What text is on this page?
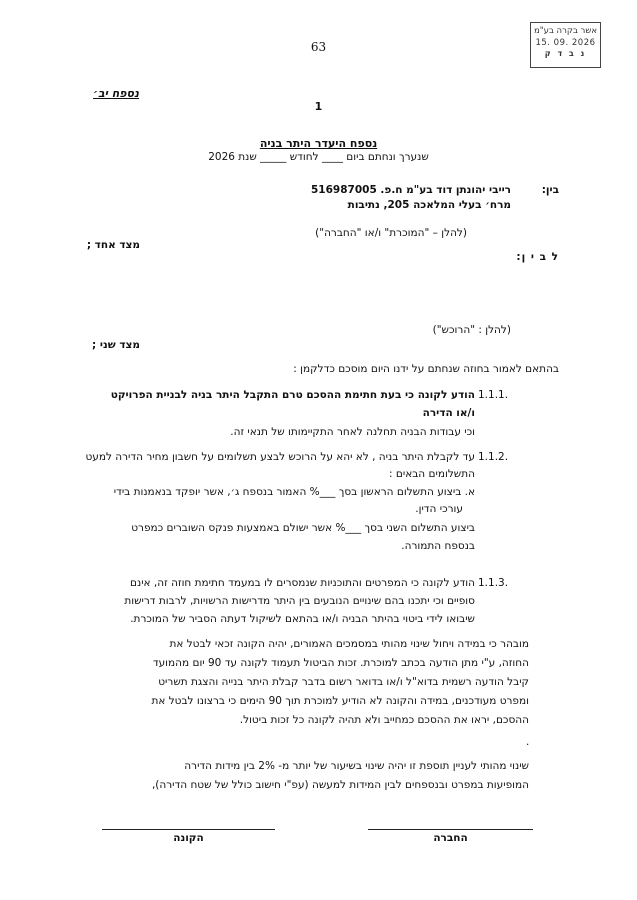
אשר בקרה בע"מ
15. 09. 2026
נ ב ד ק
63
נספח יב׳
1
נספח היעדר היתר בניה
שנערך ונחתם ביום ____ לחודש _____ שנת 2026
בין:
רייבי יהונתן דוד בע"מ ח.פ. 516987005
מרח׳ בעלי המלאכה 205, נתיבות
(להלן – "המוכרת" ו/או "החברה")
מצד אחד ;
ל ב י ן:
(להלן : "הרוכש")
מצד שני ;
בהתאם לאמור בחוזה שנחתם על ידנו היום מוסכם כדלקמן :
1.1.1.
הודע לקונה כי בעת חתימת ההסכם טרם התקבל היתר בניה לבניית הפרויקט
ו/או הדירה
וכי עבודות הבניה תחלנה לאחר התקיימותו של תנאי זה.
1.1.2.
עד לקבלת היתר בניה , לא יהא על הרוכש לבצע תשלומים על חשבון מחיר הדירה למעט
התשלומים הבאים :
א. ביצוע התשלום הראשון בסך ___% האמור בנספח ג׳, אשר יופקד בנאמנות בידי
עורכי הדין.
ביצוע התשלום השני בסך ___% אשר ישולם באמצעות פנקס השוברים כמפרט
בנספח התמורה.
1.1.3.
הודע לקונה כי המפרטים והתוכניות שנמסרים לו במעמד חתימת חוזה זה, אינם
סופיים וכי יתכנו בהם שינויים הנובעים בין היתר מדרישות הרשויות, לרבות דרישות
שיבואו לידי ביטוי בהיתר הבניה ו/או בהתאם לשיקול דעתה הסביר של המוכרת.
מובהר כי במידה ויחול שינוי מהותי במסמכים האמורים, יהיה הקונה זכאי לבטל את
החוזה, ע"י מתן הודעה בכתב למוכרת. זכות הביטול תעמוד לקונה עד 90 יום מהמועד
קיבל הודעה רשמית בדוא"ל ו/או בדואר רשום בדבר קבלת היתר בנייה והצגת תשריט
ומפרט מעודכנים, במידה והקונה לא הודיע למוכרת תוך 90 הימים כי ברצונו לבטל את
ההסכם, יראו את ההסכם כמחייב ולא תהיה לקונה כל זכות ביטול.
.
שינוי מהותי לעניין תוספת זו יהיה שינוי בשיעור של יותר מ- 2% בין מידות הדירה
המופיעות במפרט ובנספחים לבין המידות למעשה (עפ"י חישוב כולל של שטח הדירה),
החברה
הקונה
